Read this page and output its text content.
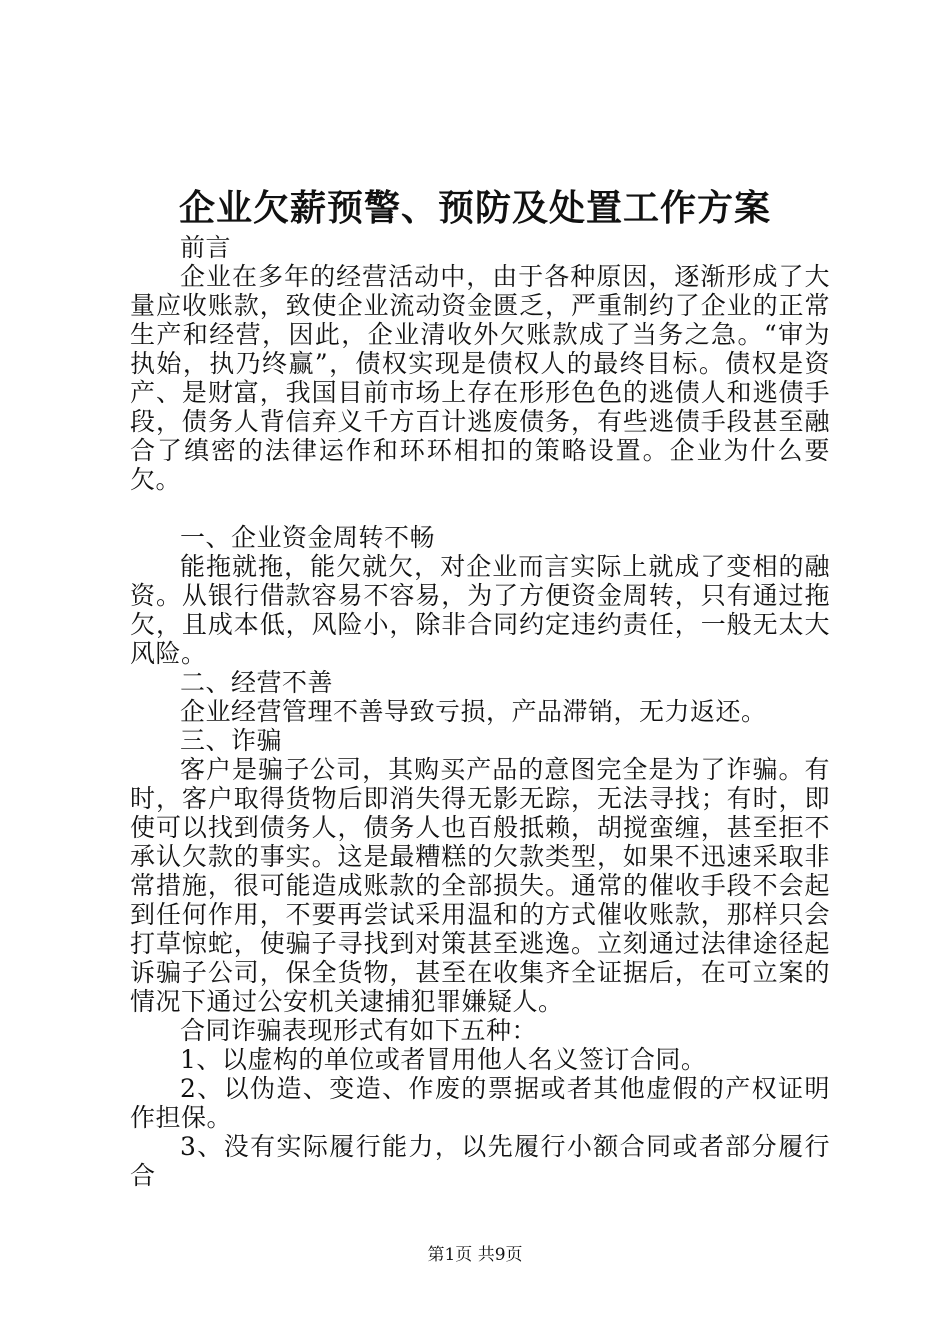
企业欠薪预警、预防及处置工作方案

前言

企业在多年的经营活动中，由于各种原因，逐渐形成了大量应收账款，致使企业流动资金匮乏，严重制约了企业的正常生产和经营，因此，企业清收外欠账款成了当务之急。“审为执始，执乃终赢”，债权实现是债权人的最终目标。债权是资产、是财富，我国目前市场上存在形形色色的逃债人和逃债手段，债务人背信弃义千方百计逃废债务，有些逃债手段甚至融合了缜密的法律运作和环环相扣的策略设置。企业为什么要欠。

一、企业资金周转不畅

能拖就拖，能欠就欠，对企业而言实际上就成了变相的融资。从银行借款容易不容易，为了方便资金周转，只有通过拖欠，且成本低，风险小，除非合同约定违约责任，一般无太大风险。

二、经营不善

企业经营管理不善导致亏损，产品滞销，无力返还。

三、诈骗

客户是骗子公司，其购买产品的意图完全是为了诈骗。有时，客户取得货物后即消失得无影无踪，无法寻找；有时，即使可以找到债务人，债务人也百般抵赖，胡搅蛮缠，甚至拒不承认欠款的事实。这是最糟糕的欠款类型，如果不迅速采取非常措施，很可能造成账款的全部损失。通常的催收手段不会起到任何作用，不要再尝试采用温和的方式催收账款，那样只会打草惊蛇，使骗子寻找到对策甚至逃逸。立刻通过法律途径起诉骗子公司，保全货物，甚至在收集齐全证据后，在可立案的情况下通过公安机关逮捕犯罪嫌疑人。

合同诈骗表现形式有如下五种：

1、以虚构的单位或者冒用他人名义签订合同。

2、以伪造、变造、作废的票据或者其他虚假的产权证明作担保。

3、没有实际履行能力，以先履行小额合同或者部分履行合

第1页 共9页
